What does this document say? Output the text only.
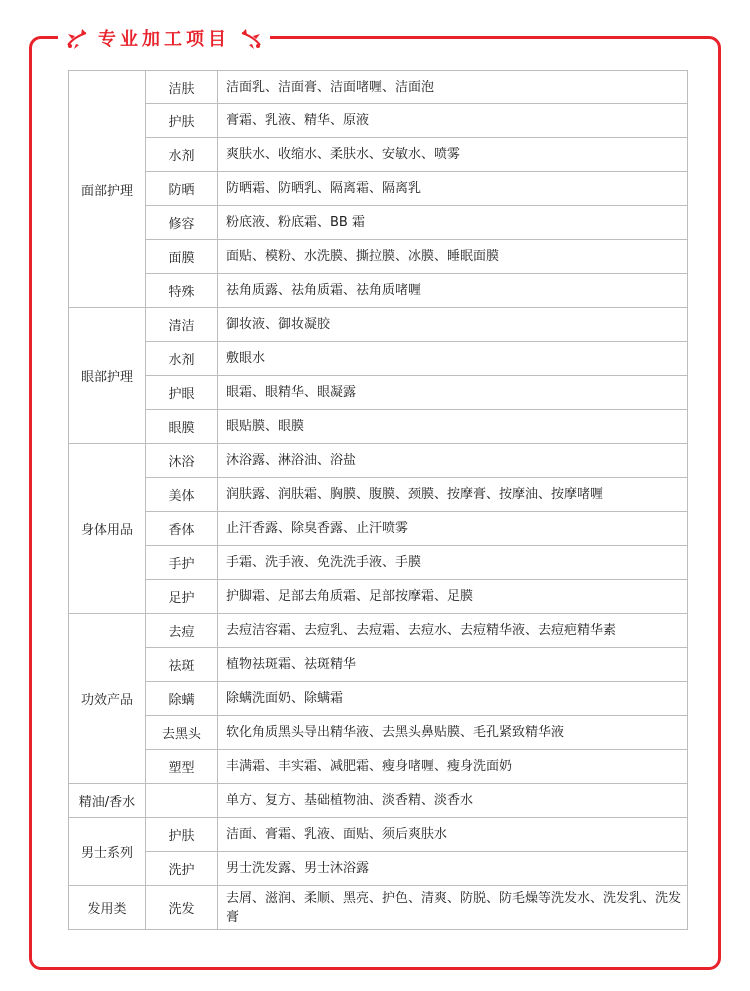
专业加工项目
面部护理	洁肤	洁面乳、洁面膏、洁面啫喱、洁面泡
	护肤	膏霜、乳液、精华、原液
	水剂	爽肤水、收缩水、柔肤水、安敏水、喷雾
	防晒	防晒霜、防晒乳、隔离霜、隔离乳
	修容	粉底液、粉底霜、BB 霜
	面膜	面贴、模粉、水洗膜、撕拉膜、冰膜、睡眠面膜
	特殊	祛角质露、祛角质霜、祛角质啫喱
眼部护理	清洁	御妆液、御妆凝胶
	水剂	敷眼水
	护眼	眼霜、眼精华、眼凝露
	眼膜	眼贴膜、眼膜
身体用品	沐浴	沐浴露、淋浴油、浴盐
	美体	润肤露、润肤霜、胸膜、腹膜、颈膜、按摩膏、按摩油、按摩啫喱
	香体	止汗香露、除臭香露、止汗喷雾
	手护	手霜、洗手液、免洗洗手液、手膜
	足护	护脚霜、足部去角质霜、足部按摩霜、足膜
功效产品	去痘	去痘洁容霜、去痘乳、去痘霜、去痘水、去痘精华液、去痘疤精华素
	祛斑	植物祛斑霜、祛斑精华
	除螨	除螨洗面奶、除螨霜
	去黑头	软化角质黑头导出精华液、去黑头鼻贴膜、毛孔紧致精华液
	塑型	丰满霜、丰实霜、减肥霜、瘦身啫喱、瘦身洗面奶
精油/香水		单方、复方、基础植物油、淡香精、淡香水
男士系列	护肤	洁面、膏霜、乳液、面贴、须后爽肤水
	洗护	男士洗发露、男士沐浴露
发用类	洗发	去屑、滋润、柔顺、黑亮、护色、清爽、防脱、防毛燥等洗发水、洗发乳、洗发膏
